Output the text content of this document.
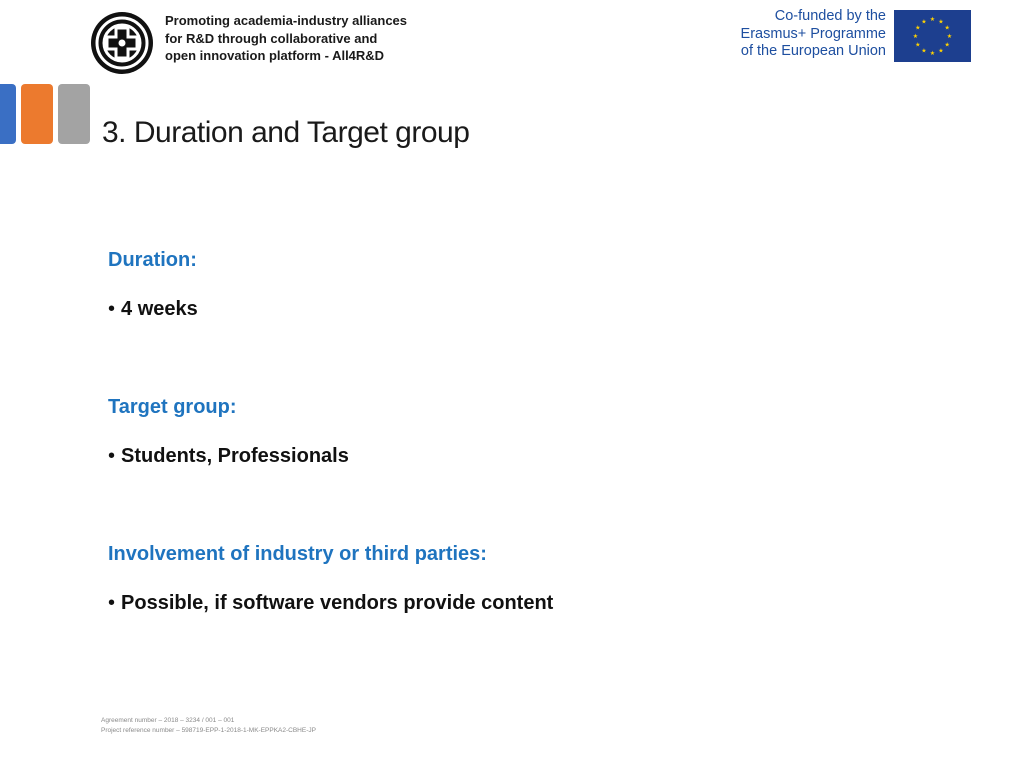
Promoting academia-industry alliances
for R&D through collaborative and
open innovation platform - All4R&D
Co-funded by the
Erasmus+ Programme
of the European Union
★ ★
★
★
★
★
★
★
★
★
★
★
3. Duration and Target group
Duration:
• 4 weeks
Target group:
• Students, Professionals
Involvement of industry or third parties:
• Possible, if software vendors provide content
Agreement number – 2018 – 3234 / 001 – 001
Project reference number – 598719-EPP-1-2018-1-MK-EPPKA2-CBHE-JP
